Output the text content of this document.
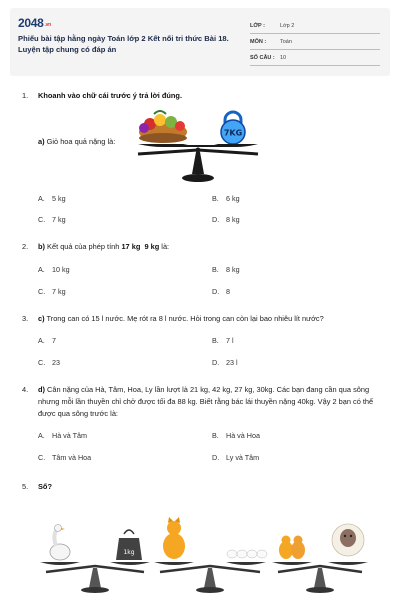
$2048^{.vn}$
Phiếu bài tập hằng ngày Toán lớp 2 Kết nối tri thức Bài 18. Luyện tập chung có đáp án
LỚP :	Lớp 2
MÔN :	Toán
SỐ CÂU : 10
1. Khoanh vào chữ cái trước ý trả lời đúng.
a) Giỏ hoa quả nặng là:
7KG
A. 5 kg	B. 6 kg
C. 7 kg	D. 8 kg
2. b) Kết quả của phép tính 17 kg 9 kg là:
A. 10 kg	B. 8 kg
C. 7 kg	D. 8
3. c) Trong can có 15 l nước. Mẹ rót ra 8 l nước. Hỏi trong can còn lại bao nhiêu lít nước?
A. 7	B. 7 l
C. 23	D. 23 l
4.	d) Cân nặng của Hà, Tâm, Hoa, Ly lần lượt là 21 kg, 42 kg, 27 kg, 30kg. Các bạn đang cần qua sông nhưng mỗi lần thuyền chỉ chở được tối đa 88 kg. Biết rằng bác lái thuyền nặng 40kg. Vậy 2 bạn có thể được qua sông trước là:
A. Hà và Tâm	B. Hà và Hoa
C. Tâm và Hoa	D. Ly và Tâm
5. Số?
1kg
